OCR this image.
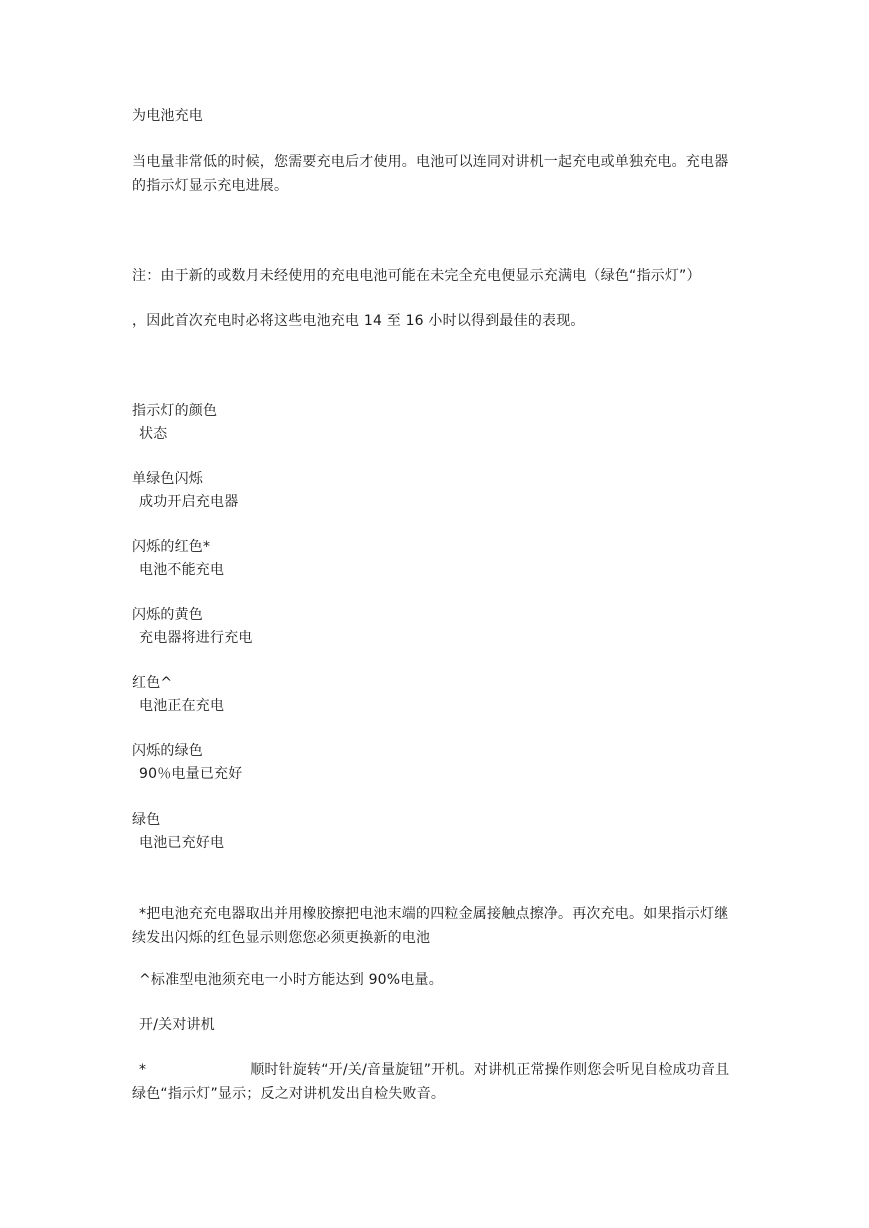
为电池充电
当电量非常低的时候，您需要充电后才使用。电池可以连同对讲机一起充电或单独充电。充电器的指示灯显示充电进展。
注：由于新的或数月未经使用的充电电池可能在未完全充电便显示充满电（绿色“指示灯”）
，因此首次充电时必将这些电池充电 14 至 16 小时以得到最佳的表现。
指示灯的颜色
状态
单绿色闪烁
成功开启充电器
闪烁的红色*
电池不能充电
闪烁的黄色
充电器将进行充电
红色^
电池正在充电
闪烁的绿色
90％电量已充好
绿色
电池已充好电
*把电池充充电器取出并用橡胶擦把电池末端的四粒金属接触点擦净。再次充电。如果指示灯继续发出闪烁的红色显示则您您必须更换新的电池
^标准型电池须充电一小时方能达到 90%电量。
开/关对讲机
*	顺时针旋转“开/关/音量旋钮”开机。对讲机正常操作则您会听见自检成功音且绿色“指示灯”显示；反之对讲机发出自检失败音。
